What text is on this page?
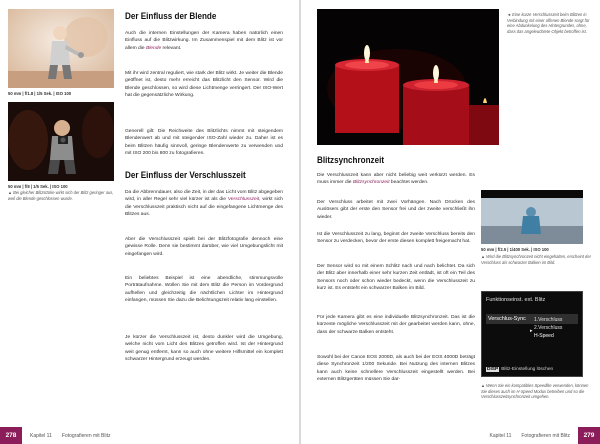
50 mm | f/1.8 | 1/5 Sek. | ISO 100
50 mm | f/8 | 1/5 Sek. | ISO 100
▲ Bei gleicher Blitzstärke wirkt sich der Blitz geringer aus, weil die Blende geschlossen wurde.
Der Einfluss der Blende
Auch die internen Einstellungen der Kamera haben natürlich einen Einfluss auf die Blitzwirkung. Im Zusammenspiel mit dem Blitz ist vor allem die Blende relevant.
Mit ihr wird zentral reguliert, wie stark der Blitz wirkt. Je weiter die Blende geöffnet ist, desto mehr erreicht das Blitzlicht den Sensor. Wird die Blende geschlossen, so wird diese Lichtmenge verringert. Der ISO-Wert hat die gegensätzliche Wirkung.
Generell gilt: Die Reichweite des Blitzlichts nimmt mit steigendem Blendenwert ab und mit steigender ISO-Zahl wieder zu. Daher ist es beim Blitzen häufig sinnvoll, geringe Blendenwerte zu verwenden und mit ISO 200 bis 800 zu fotografieren.
Der Einfluss der Verschlusszeit
Da die Abbrenndauer, also die Zeit, in der das Licht vom Blitz abgegeben wird, in aller Regel sehr viel kürzer ist als die Verschlusszeit, wirkt sich die Verschlusszeit praktisch nicht auf die eingefangene Lichtmenge des Blitzes aus.
Aber die Verschlusszeit spielt bei der Blitzfotografie dennoch eine gewisse Rolle. Denn sie bestimmt darüber, wie viel Umgebungslicht mit eingefangen wird.
Ein beliebtes Beispiel ist eine abendliche, stimmungsvolle Porträtaufnahme. Wollen Sie mit dem Blitz die Person im Vordergrund aufhellen und gleichzeitig die nächtlichen Lichter im Hintergrund einfangen, müssen Sie dazu die Belichtungszeit relativ lang einstellen.
Je kürzer die Verschlusszeit ist, desto dunkler wird die Umgebung, welche nicht vom Licht des Blitzes getroffen wird. Ist der Hintergrund weit genug entfernt, kann so auch ohne weitere Hilfsmittel ein komplett schwarzer Hintergrund erzeugt werden.
278	Kapitel 11 Fotografieren mit Blitz
◄ Eine kurze Verschlusszeit beim Blitzen in Verbindung mit einer offenen Blende sorgt für eine Abdunkelung des Hintergrundes, ohne, dass das angeleuchtete Objekt betroffen ist.
Blitzsynchronzeit
Die Verschlusszeit kann aber nicht beliebig weit verkürzt werden. Es muss immer die Blitzsynchronzeit beachtet werden.
Der Verschluss arbeitet mit zwei Vorhängen. Nach Drücken des Auslösers gibt der erste den Sensor frei und der zweite verschließt ihn wieder.
Ist die Verschlusszeit zu lang, beginnt der zweite Verschluss bereits den Sensor zu verdecken, bevor der erste diesen komplett freigemacht hat.
Der Sensor wird so mit einem Schlitz nach und nach belichtet. Da sich der Blitz aber innerhalb einer sehr kurzen Zeit entlädt, ist oft ein Teil des Sensors noch oder schon wieder bedeckt, wenn die Verschlusszeit zu kurz ist. Es entsteht ein schwarzer Balken im Bild.
Für jede Kamera gibt es eine individuelle Blitzsynchronzeit. Das ist die kürzeste mögliche Verschlusszeit mit der gearbeitet werden kann, ohne, dass der schwarze Balken entsteht.
Sowohl bei der Canon EOS 2000D, als auch bei der EOS 4000D beträgt diese Synchronzeit 1/200 Sekunde. Bei Nutzung des internen Blitzes kann auch keine schnellere Verschlusszeit eingestellt werden. Bei externen Blitzgeräten müssen Sie dar-
50 mm | f/2.5 | 1/400 Sek. | ISO 100
▲ Wird die Blitzsynchronzeit nicht eingehalten, erscheint der Verschluss als schwarzer Balken im Bild.
Funktionseinst. ext. Blitz
Verschlus-Sync 1.Verschluss
2.Verschluss
▸
H-Speed
DISP Blitz-Einstellung löschen
▲ Wenn Sie ein kompatibles Speedlite verwenden, können Sie dieses auch im H-Speed Modus betreiben und so die Verschlusszeitsynchronzeit umgehen.
Kapitel 11 Fotografieren mit Blitz	279
